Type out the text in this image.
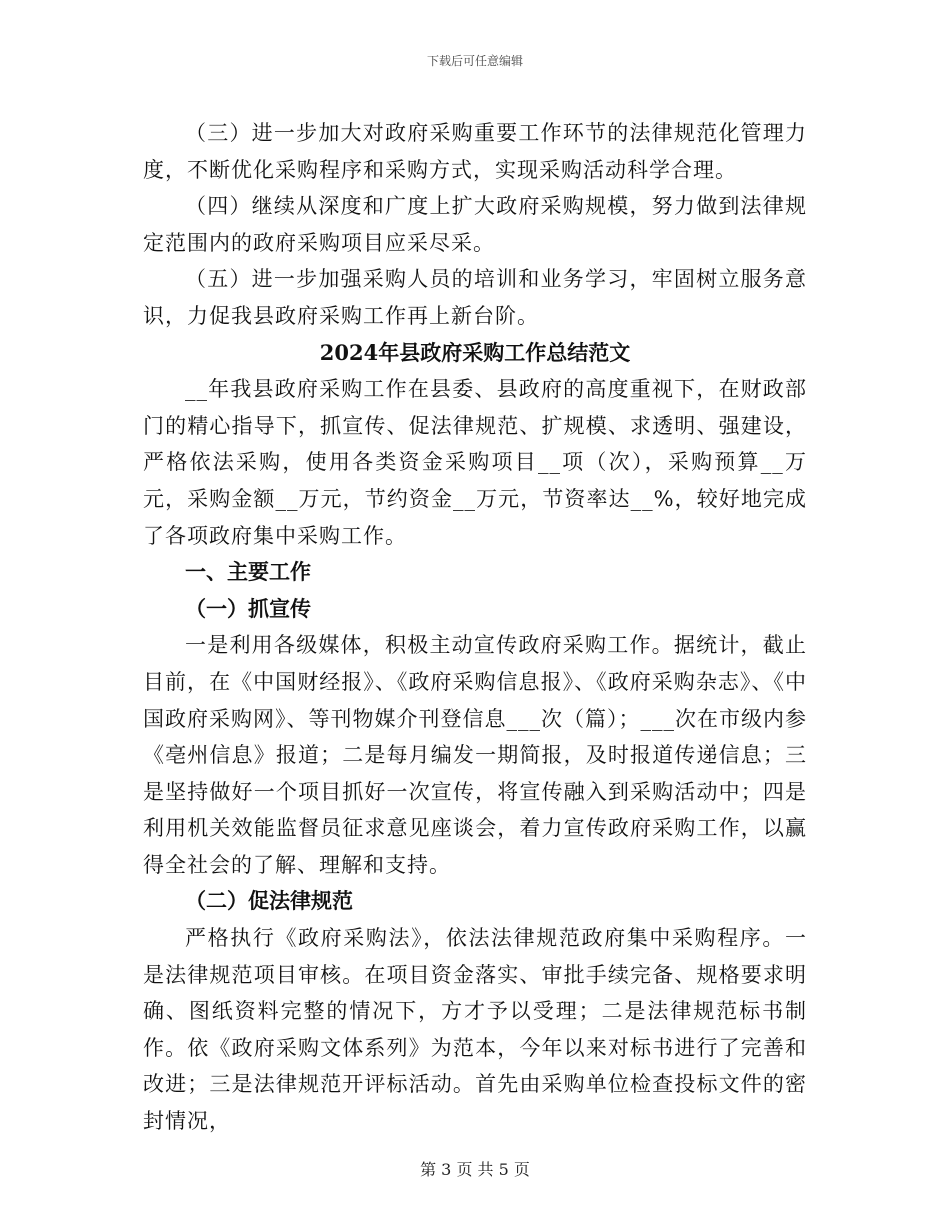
下载后可任意编辑

（三）进一步加大对政府采购重要工作环节的法律规范化管理力度，不断优化采购程序和采购方式，实现采购活动科学合理。

（四）继续从深度和广度上扩大政府采购规模，努力做到法律规定范围内的政府采购项目应采尽采。

（五）进一步加强采购人员的培训和业务学习，牢固树立服务意识，力促我县政府采购工作再上新台阶。

2024年县政府采购工作总结范文

__年我县政府采购工作在县委、县政府的高度重视下，在财政部门的精心指导下，抓宣传、促法律规范、扩规模、求透明、强建设，严格依法采购，使用各类资金采购项目__项（次），采购预算__万元，采购金额__万元，节约资金__万元，节资率达__%，较好地完成了各项政府集中采购工作。

一、主要工作

（一）抓宣传

一是利用各级媒体，积极主动宣传政府采购工作。据统计，截止目前，在《中国财经报》、《政府采购信息报》、《政府采购杂志》、《中国政府采购网》、等刊物媒介刊登信息___次（篇）；___次在市级内参《亳州信息》报道；二是每月编发一期简报，及时报道传递信息；三是坚持做好一个项目抓好一次宣传，将宣传融入到采购活动中；四是利用机关效能监督员征求意见座谈会，着力宣传政府采购工作，以赢得全社会的了解、理解和支持。

（二）促法律规范

严格执行《政府采购法》，依法法律规范政府集中采购程序。一是法律规范项目审核。在项目资金落实、审批手续完备、规格要求明确、图纸资料完整的情况下，方才予以受理；二是法律规范标书制作。依《政府采购文体系列》为范本，今年以来对标书进行了完善和改进；三是法律规范开评标活动。首先由采购单位检查投标文件的密封情况，

第 3 页 共 5 页
